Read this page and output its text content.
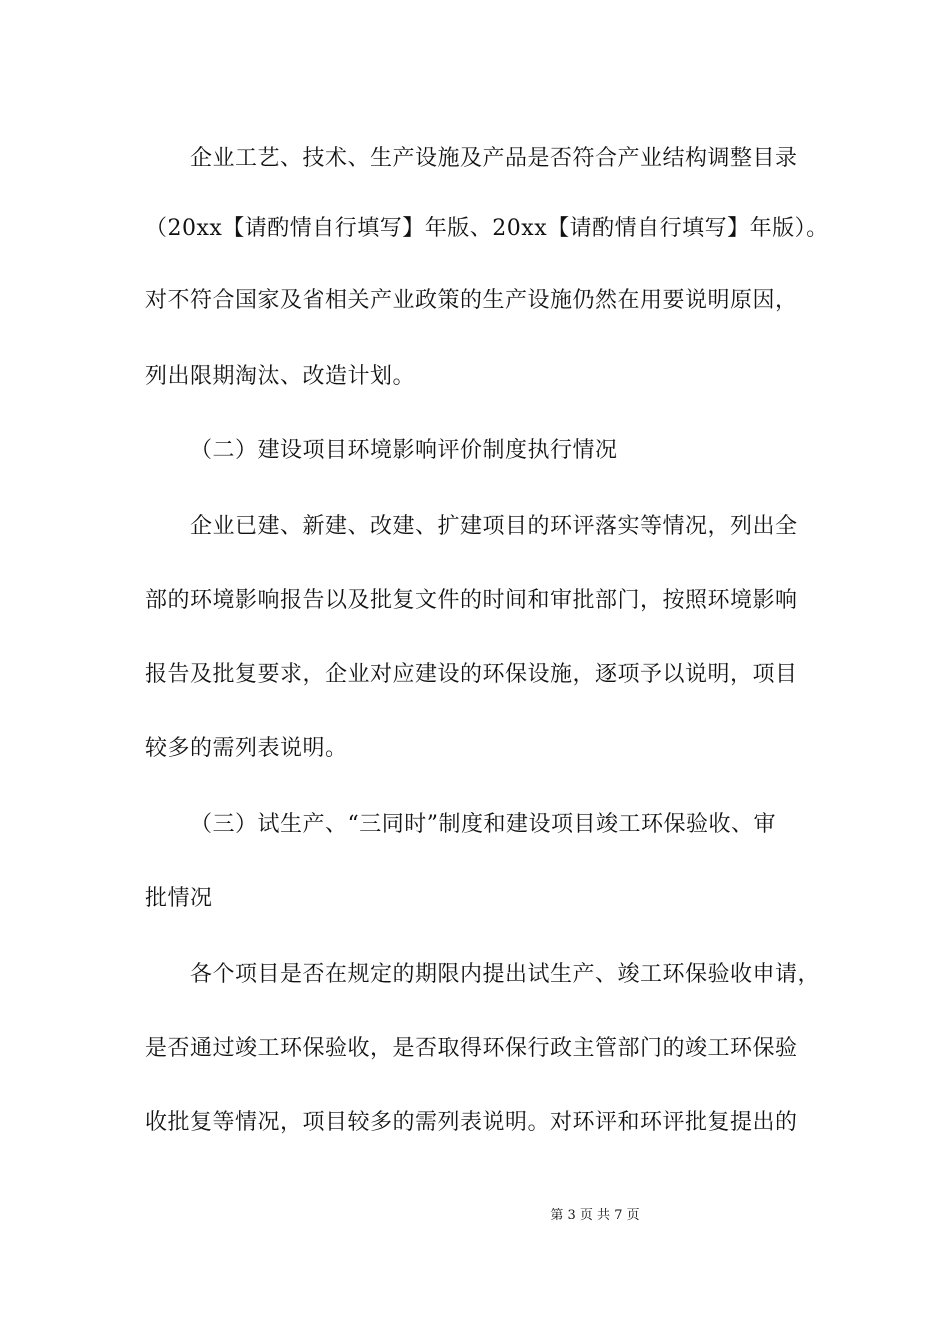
企业工艺、技术、生产设施及产品是否符合产业结构调整目录
（20xx【请酌情自行填写】年版、20xx【请酌情自行填写】年版）。
对不符合国家及省相关产业政策的生产设施仍然在用要说明原因，
列出限期淘汰、改造计划。
（二）建设项目环境影响评价制度执行情况
企业已建、新建、改建、扩建项目的环评落实等情况，列出全
部的环境影响报告以及批复文件的时间和审批部门，按照环境影响
报告及批复要求，企业对应建设的环保设施，逐项予以说明，项目
较多的需列表说明。
（三）试生产、“三同时”制度和建设项目竣工环保验收、审
批情况
各个项目是否在规定的期限内提出试生产、竣工环保验收申请，
是否通过竣工环保验收，是否取得环保行政主管部门的竣工环保验
收批复等情况，项目较多的需列表说明。对环评和环评批复提出的
第 3 页 共 7 页
